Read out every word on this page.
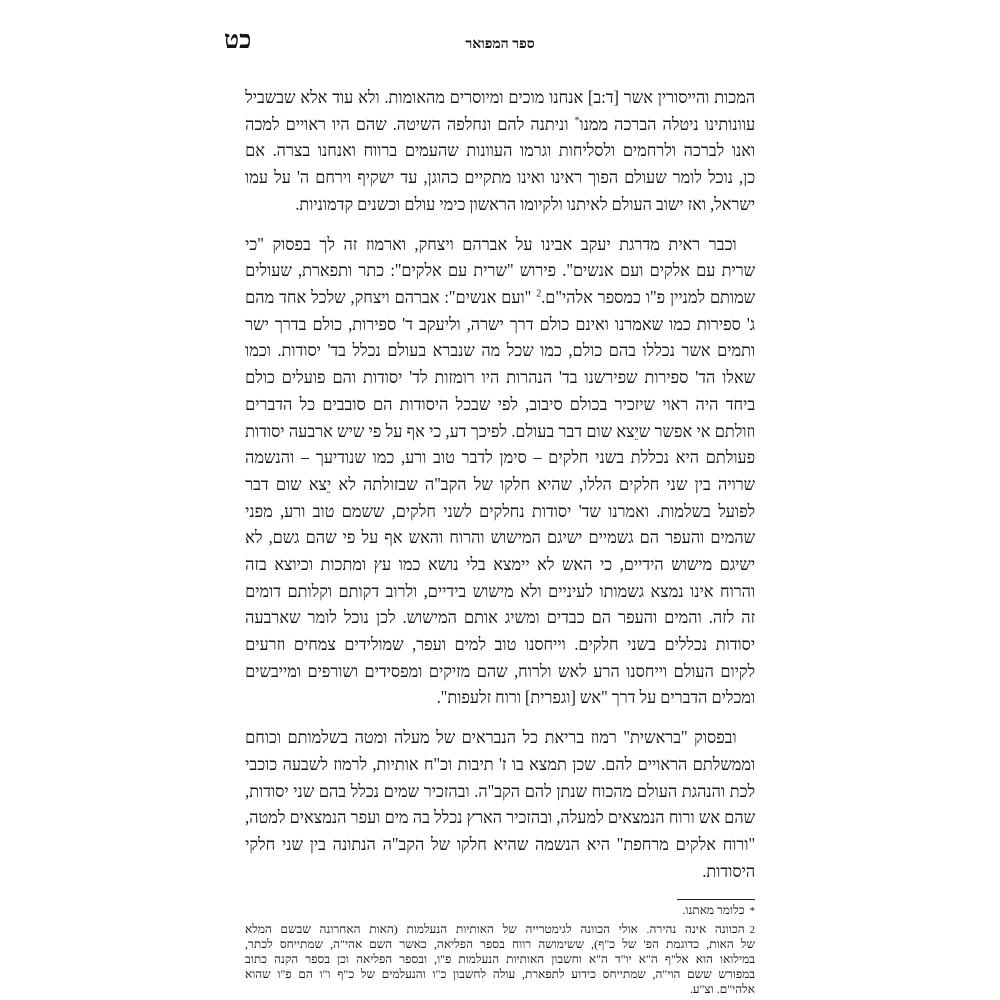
כט	ספר המפואר
המכות והייסורין אשר [ד:ב] אנחנו מוכים ומיוסרים מהאומות. ולא עוד אלא שבשביל
עוונותינו ניטלה הברכה ממנו* וניתנה להם ונחלפה השיטה. שהם היו ראויים למכה
ואנו לברכה ולרחמים ולסליחות וגרמו העוונות שהעמים ברווח ואנחנו בצרה. אם
כן, נוכל לומר שעולם הפוך ראינו ואינו מתקיים כהוגן, עד ישקיף וירחם ה' על עמו
ישראל, ואז ישוב העולם לאיתנו ולקיומו הראשון כימי עולם וכשנים קדמוניות.
וכבר ראית מדרגת יעקב אבינו על אברהם ויצחק, וארמוז זה לך בפסוק "כי
שרית עם אלקים ועם אנשים". פירוש "שרית עם אלקים": כתר ותפארת, שעולים
שמותם למניין פ"ו כמספר אלהי"ם.$^2$ "ועם אנשים": אברהם ויצחק, שלכל אחד מהם
ג' ספירות כמו שאמרנו ואינם כולם דרך ישרה, וליעקב ד' ספירות, כולם בדרך ישר
ותמים אשר נכללו בהם כולם, כמו שכל מה שנברא בעולם נכלל בד' יסודות. וכמו
שאלו הד' ספירות שפירשנו בד' הנהרות היו רומזות לד' יסודות והם פועלים כולם
ביחד היה ראוי שיזכיר בכולם סיבוב, לפי שבכל היסודות הם סובבים כל הדברים
וזולתם אי אפשר שיֵצא שום דבר בעולם. לפיכך דע, כי אף על פי שיש ארבעה יסודות
פעולתם היא נכללת בשני חלקים – סימן לדבר טוב ורע, כמו שנודיעך – והנשמה
שרויה בין שני חלקים הללו, שהיא חלקו של הקב"ה שבזולתה לא יֵצא שום דבר
לפועל בשלמות. ואמרנו שד' יסודות נחלקים לשני חלקים, ששמם טוב ורע, מפני
שהמים והעפר הם גשמיים ישיגם המישוש והרוח והאש אף על פי שהם גשם, לא
ישיגם מישוש הידיים, כי האש לא יימצא בלי נושא כמו עץ ומתכות וכיוצא בזה
והרוח אינו נמצא גשמותו לעיניים ולא מישוש בידיים, ולרוב דקותם וקלותם דומים
זה לזה. והמים והעפר הם כבדים ומשיג אותם המישוש. לכן נוכל לומר שארבעה
יסודות נכללים בשני חלקים. וייחסנו טוב למים ועפר, שמולידים צמחים וזרעים
לקיום העולם וייחסנו הרע לאש ולרוח, שהם מזיקים ומפסידים ושורפים ומייבשים
ומכלים הדברים על דרך "אש [וגפרית] ורוח זלעפות".
ובפסוק "בראשית" רמוז בריאת כל הנבראים של מעלה ומטה בשלמותם וכוחם
וממשלתם הראויים להם. שכן תמצא בו ז' תיבות וכ"ח אותיות, לרמוז לשבעה כוכבי
לכת והנהגת העולם מהכוח שנתן להם הקב"ה. ובהזכיר שמים נכלל בהם שני יסודות,
שהם אש ורוח הנמצאים למעלה, ובהזכיר הארץ נכלל בה מים ועפר הנמצאים למטה,
"ורוח אלקים מרחפת" היא הנשמה שהיא חלקו של הקב"ה הנתונה בין שני חלקי
היסודות.
*כלומר מאתנו.
2הכוונה אינה נהירה. אולי הכוונה לגימטרייה של האותיות הנעלמות (האות האחרונה שבשם המלא
של האות, כדוגמת הפ' של כ"ף), ששימושה רווח בספר הפליאה, כאשר השם אהי"ה, שמתייחס לכתר,
במילואו הוא אל"ף ה"א יו"ד ה"א וחשבון האותיות הנעלמות פ"ו, ובספר הפליאה וכן בספר הקנה כתוב
במפורש ששם הוי"ה, שמתייחס כידוע לתפארת, עולה לחשבון כ"ו והנעלמים של כ"ף ו"ו הם פ"ו שהוא
אלהי"ם. וצ"ע.
